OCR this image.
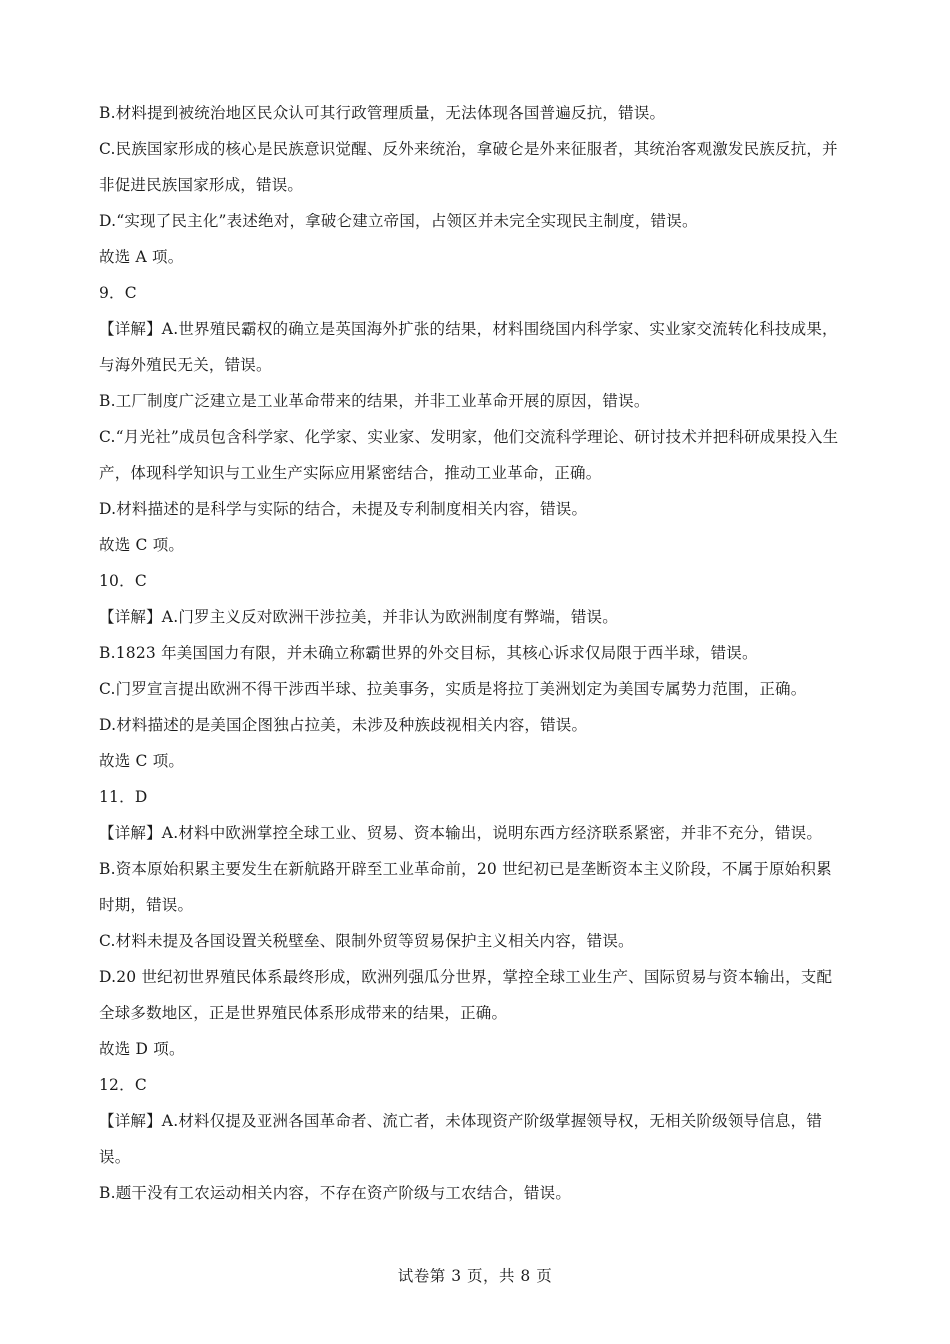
B.材料提到被统治地区民众认可其行政管理质量，无法体现各国普遍反抗，错误。
C.民族国家形成的核心是民族意识觉醒、反外来统治，拿破仑是外来征服者，其统治客观激发民族反抗，并
非促进民族国家形成，错误。
D.“实现了民主化”表述绝对，拿破仑建立帝国，占领区并未完全实现民主制度，错误。
故选 A 项。
9．C
【详解】A.世界殖民霸权的确立是英国海外扩张的结果，材料围绕国内科学家、实业家交流转化科技成果，
与海外殖民无关，错误。
B.工厂制度广泛建立是工业革命带来的结果，并非工业革命开展的原因，错误。
C.“月光社”成员包含科学家、化学家、实业家、发明家，他们交流科学理论、研讨技术并把科研成果投入生
产，体现科学知识与工业生产实际应用紧密结合，推动工业革命，正确。
D.材料描述的是科学与实际的结合，未提及专利制度相关内容，错误。
故选 C 项。
10．C
【详解】A.门罗主义反对欧洲干涉拉美，并非认为欧洲制度有弊端，错误。
B.1823 年美国国力有限，并未确立称霸世界的外交目标，其核心诉求仅局限于西半球，错误。
C.门罗宣言提出欧洲不得干涉西半球、拉美事务，实质是将拉丁美洲划定为美国专属势力范围，正确。
D.材料描述的是美国企图独占拉美，未涉及种族歧视相关内容，错误。
故选 C 项。
11．D
【详解】A.材料中欧洲掌控全球工业、贸易、资本输出，说明东西方经济联系紧密，并非不充分，错误。
B.资本原始积累主要发生在新航路开辟至工业革命前，20 世纪初已是垄断资本主义阶段，不属于原始积累
时期，错误。
C.材料未提及各国设置关税壁垒、限制外贸等贸易保护主义相关内容，错误。
D.20 世纪初世界殖民体系最终形成，欧洲列强瓜分世界，掌控全球工业生产、国际贸易与资本输出，支配
全球多数地区，正是世界殖民体系形成带来的结果，正确。
故选 D 项。
12．C
【详解】A.材料仅提及亚洲各国革命者、流亡者，未体现资产阶级掌握领导权，无相关阶级领导信息，错
误。
B.题干没有工农运动相关内容，不存在资产阶级与工农结合，错误。
试卷第 3 页，共 8 页
